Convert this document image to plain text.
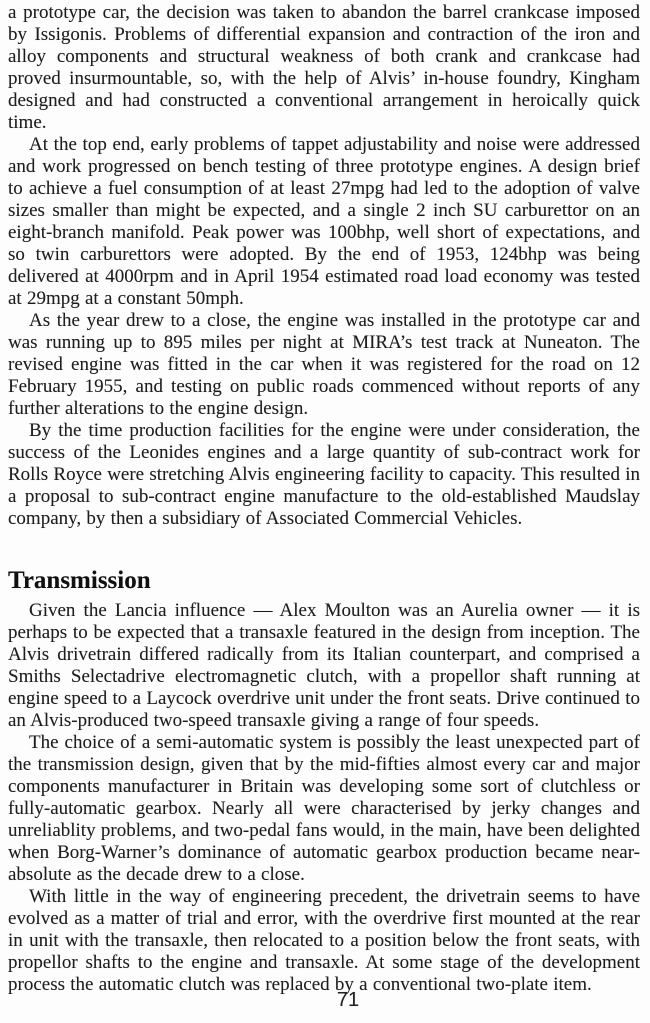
a prototype car, the decision was taken to abandon the barrel crankcase imposed by Issigonis. Problems of differential expansion and contraction of the iron and alloy components and structural weakness of both crank and crankcase had proved insurmountable, so, with the help of Alvis’ in-house foundry, Kingham designed and had constructed a conventional arrangement in heroically quick time.

At the top end, early problems of tappet adjustability and noise were addressed and work progressed on bench testing of three prototype engines. A design brief to achieve a fuel consumption of at least 27mpg had led to the adoption of valve sizes smaller than might be expected, and a single 2 inch SU carburettor on an eight-branch manifold. Peak power was 100bhp, well short of expectations, and so twin carburettors were adopted. By the end of 1953, 124bhp was being delivered at 4000rpm and in April 1954 estimated road load economy was tested at 29mpg at a constant 50mph.

As the year drew to a close, the engine was installed in the prototype car and was running up to 895 miles per night at MIRA’s test track at Nuneaton. The revised engine was fitted in the car when it was registered for the road on 12 February 1955, and testing on public roads commenced without reports of any further alterations to the engine design.

By the time production facilities for the engine were under consideration, the success of the Leonides engines and a large quantity of sub-contract work for Rolls Royce were stretching Alvis engineering facility to capacity. This resulted in a proposal to sub-contract engine manufacture to the old-established Maudslay company, by then a subsidiary of Associated Commercial Vehicles.

Transmission

Given the Lancia influence — Alex Moulton was an Aurelia owner — it is perhaps to be expected that a transaxle featured in the design from inception. The Alvis drivetrain differed radically from its Italian counterpart, and comprised a Smiths Selectadrive electromagnetic clutch, with a propellor shaft running at engine speed to a Laycock overdrive unit under the front seats. Drive continued to an Alvis-produced two-speed transaxle giving a range of four speeds.

The choice of a semi-automatic system is possibly the least unexpected part of the transmission design, given that by the mid-fifties almost every car and major components manufacturer in Britain was developing some sort of clutchless or fully-automatic gearbox. Nearly all were characterised by jerky changes and unreliablity problems, and two-pedal fans would, in the main, have been delighted when Borg-Warner’s dominance of automatic gearbox production became near-absolute as the decade drew to a close.

With little in the way of engineering precedent, the drivetrain seems to have evolved as a matter of trial and error, with the overdrive first mounted at the rear in unit with the transaxle, then relocated to a position below the front seats, with propellor shafts to the engine and transaxle. At some stage of the development process the automatic clutch was replaced by a conventional two-plate item.

71
